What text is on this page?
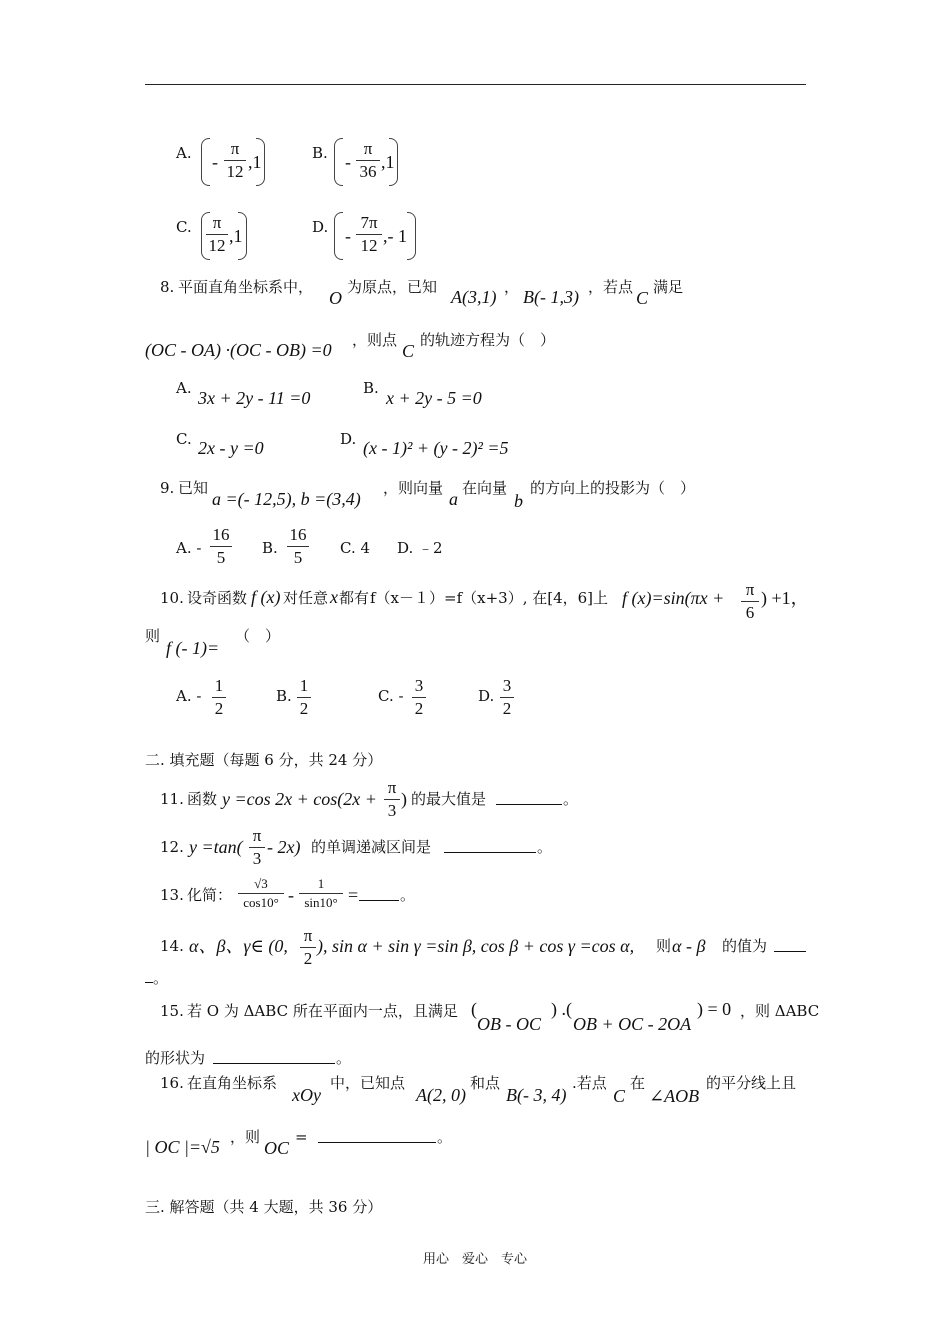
A. -
π
12 ,1	B. -
π
36 ,1
C.	π
12 ,1	D. -
7π
12 ,- 1
8. 平面直角坐标系中，
O
为原点，已知 A(3,1) ， B(- 1,3) ，若点
C
满足
(OC - OA) ·(OC - OB) =0 ，则点
C
的轨迹方程为（　）
A. 3x + 2y - 11 =0	B. x + 2y - 5 =0
C. 2x - y =0	D. (x - 1)² + (y - 2)² =5
9. 已知
a =(- 12,5), b =(3,4)
，则向量
a
在向量
b
的方向上的投影为（　）
A. -
16
5	B.
16
5	C. 4 D. ﹣2
10. 设奇函数 f (x) 对任意 x 都有 f（x－１）=f（x+3）, 在[4，6]上 f (x)=sin(πx + π
6
) +1，
则
f (- 1)=
（　）
A. -
1
2
B.
1
2
C. -
3
2
D.
3
2
二. 填充题（每题 6 分，共 24 分）
11. 函数 y =cos 2x + cos(2x +
π
3
) 的最大值是	。
12. y =tan(
π
3
- 2x) 的单调递减区间是	。
13. 化简：
√3
cos10° -
1
sin10° =	。
14. α、β、γ∈ (0,
π
2
), sin α + sin γ =sin β, cos β + cos γ =cos α, 则 α - β 的值为
。
15. 若 O 为 ΔABC 所在平面内一点，且满足 (
OB - OC
) .(
OB + OC - 2OA
) = 0 ，则 ΔABC
的形状为	。
16. 在直角坐标系
xOy
中，已知点
A(2, 0)
和点
B(- 3, 4)
.若点
C
在
∠AOB
的平分线上且
| OC |=√5 ，则
OC
=	。
三. 解答题（共 4 大题，共 36 分）
用心　爱心　专心
